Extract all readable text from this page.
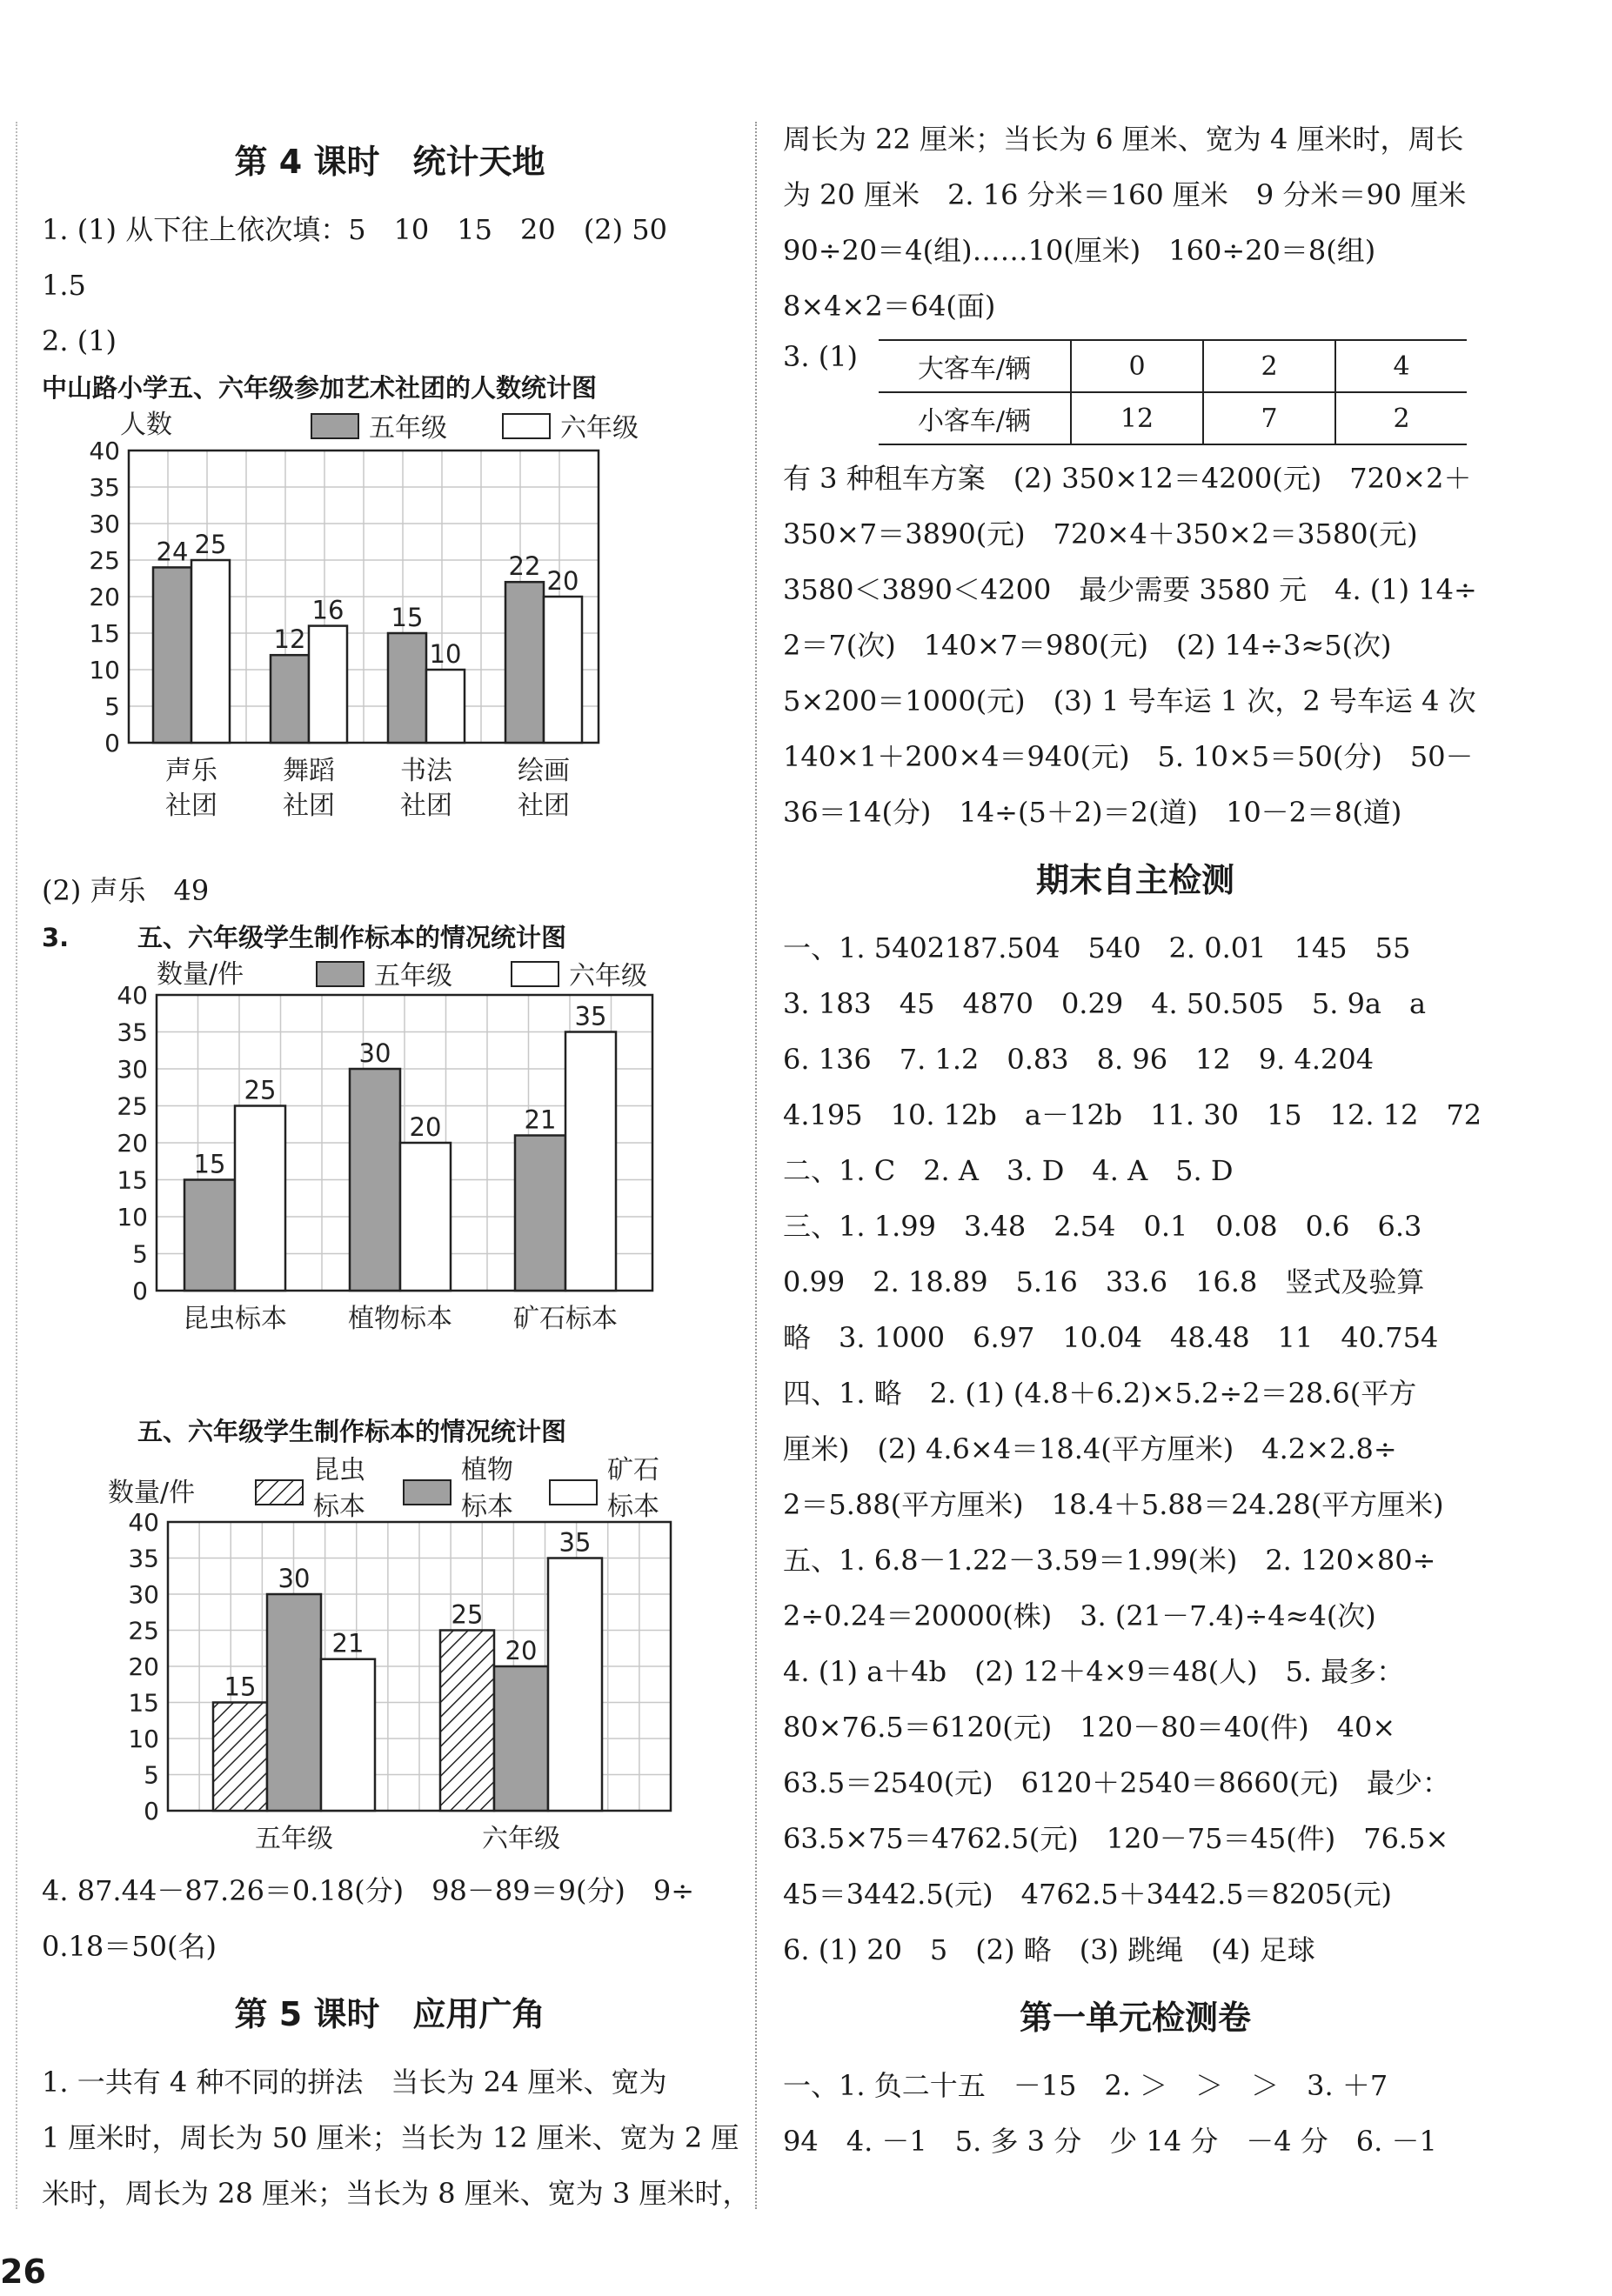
第 4 课时　统计天地
1. (1) 从下往上依次填：5　10　15　20　(2) 50
1.5
2. (1)
中山路小学五、六年级参加艺术社团的人数统计图
0
5
10
15
20
25
30
35
40
人数	五年级	六年级
24 25
声乐
社团
12
16
舞蹈
社团
15
10
书法
社团
22 20
绘画
社团
(2) 声乐　49
3.	五、六年级学生制作标本的情况统计图
0
5
10
15
20
25
30
35
40
数量/件	五年级	六年级
15
25
昆虫标本
30
20
植物标本
21
35
矿石标本
五、六年级学生制作标本的情况统计图
0
5
10
15
20
25
30
35
40
数量/件
昆虫
标本
植物
标本
矿石
标本
15
30
21
五年级
25
20
35
六年级
4. 87.44－87.26＝0.18(分)　98－89＝9(分)　9÷
0.18＝50(名)
第 5 课时　应用广角
1. 一共有 4 种不同的拼法　当长为 24 厘米、宽为
1 厘米时，周长为 50 厘米；当长为 12 厘米、宽为 2 厘
米时，周长为 28 厘米；当长为 8 厘米、宽为 3 厘米时，
周长为 22 厘米；当长为 6 厘米、宽为 4 厘米时，周长
为 20 厘米　2. 16 分米＝160 厘米　9 分米＝90 厘米
90÷20＝4(组)……10(厘米)　160÷20＝8(组)
8×4×2＝64(面)
3. (1)	大客车/辆	0	2	4
小客车/辆	12	7	2
有 3 种租车方案　(2) 350×12＝4200(元)　720×2＋
350×7＝3890(元)　720×4＋350×2＝3580(元)
3580＜3890＜4200　最少需要 3580 元　4. (1) 14÷
2＝7(次)　140×7＝980(元)　(2) 14÷3≈5(次)
5×200＝1000(元)　(3) 1 号车运 1 次，2 号车运 4 次
140×1＋200×4＝940(元)　5. 10×5＝50(分)　50－
36＝14(分)　14÷(5＋2)＝2(道)　10－2＝8(道)
期末自主检测
一、1. 5402187.504　540　2. 0.01　145　55
3. 183　45　4870　0.29　4. 50.505　5. 9a　a
6. 136　7. 1.2　0.83　8. 96　12　9. 4.204
4.195　10. 12b　a－12b　11. 30　15　12. 12　72
二、1. C　2. A　3. D　4. A　5. D
三、1. 1.99　3.48　2.54　0.1　0.08　0.6　6.3
0.99　2. 18.89　5.16　33.6　16.8　竖式及验算
略　3. 1000　6.97　10.04　48.48　11　40.754
四、1. 略　2. (1) (4.8＋6.2)×5.2÷2＝28.6(平方
厘米)　(2) 4.6×4＝18.4(平方厘米)　4.2×2.8÷
2＝5.88(平方厘米)　18.4＋5.88＝24.28(平方厘米)
五、1. 6.8－1.22－3.59＝1.99(米)　2. 120×80÷
2÷0.24＝20000(株)　3. (21－7.4)÷4≈4(次)
4. (1) a＋4b　(2) 12＋4×9＝48(人)　5. 最多：
80×76.5＝6120(元)　120－80＝40(件)　40×
63.5＝2540(元)　6120＋2540＝8660(元)　最少：
63.5×75＝4762.5(元)　120－75＝45(件)　76.5×
45＝3442.5(元)　4762.5＋3442.5＝8205(元)
6. (1) 20　5　(2) 略　(3) 跳绳　(4) 足球
第一单元检测卷
一、1. 负二十五　－15　2. ＞　＞　＞　3. ＋7
94　4. －1　5. 多 3 分　少 14 分　－4 分　6. －1
26
